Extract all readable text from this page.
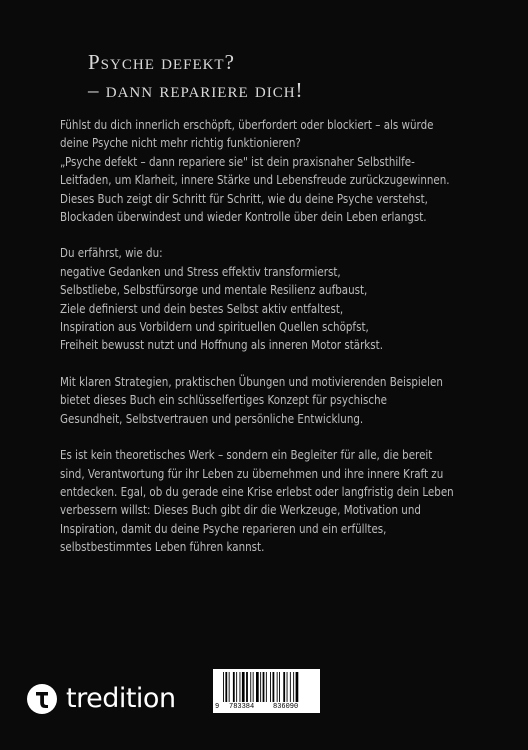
Psyche defekt?
– dann repariere dich!

Fühlst du dich innerlich erschöpft, überfordert oder blockiert – als würde
deine Psyche nicht mehr richtig funktionieren?
„Psyche defekt – dann repariere sie" ist dein praxisnaher Selbsthilfe-
Leitfaden, um Klarheit, innere Stärke und Lebensfreude zurückzugewinnen.
Dieses Buch zeigt dir Schritt für Schritt, wie du deine Psyche verstehst,
Blockaden überwindest und wieder Kontrolle über dein Leben erlangst.

Du erfährst, wie du:
negative Gedanken und Stress effektiv transformierst,
Selbstliebe, Selbstfürsorge und mentale Resilienz aufbaust,
Ziele definierst und dein bestes Selbst aktiv entfaltest,
Inspiration aus Vorbildern und spirituellen Quellen schöpfst,
Freiheit bewusst nutzt und Hoffnung als inneren Motor stärkst.

Mit klaren Strategien, praktischen Übungen und motivierenden Beispielen
bietet dieses Buch ein schlüsselfertiges Konzept für psychische
Gesundheit, Selbstvertrauen und persönliche Entwicklung.

Es ist kein theoretisches Werk – sondern ein Begleiter für alle, die bereit
sind, Verantwortung für ihr Leben zu übernehmen und ihre innere Kraft zu
entdecken. Egal, ob du gerade eine Krise erlebst oder langfristig dein Leben
verbessern willst: Dieses Buch gibt dir die Werkzeuge, Motivation und
Inspiration, damit du deine Psyche reparieren und ein erfülltes,
selbstbestimmtes Leben führen kannst.

tredition	9 783384	836090
